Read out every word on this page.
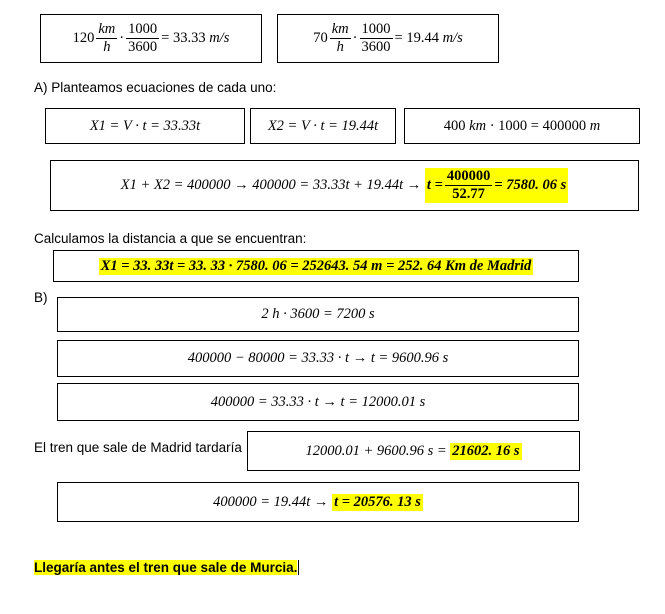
$120 \frac{km}{h} \cdot \frac{1000}{3600} = 33.33$ m/s	$70 \frac{km}{h} \cdot \frac{1000}{3600} = 19.44$ m/s
A) Planteamos ecuaciones de cada uno:
X1 = V · t = 33.33t	X2 = V · t = 19.44t	400 km · 1000 = 400000 m
$X1 + X2 = 400000 \to 400000 = 33.33t + 19.44t \to t = \frac{400000}{52.77} = 7580$. 06 s
Calculamos la distancia a que se encuentran:
X1 = 33. 33t = 33. 33 · 7580. 06 = 252643. 54 m = 252. 64 Km de Madrid
B)
2 h · 3600 = 7200 s
400000 − 80000 = 33.33 · t → t = 9600.96 s
400000 = 33.33 · t → t = 12000.01 s
El tren que sale de Madrid tardaría	12000.01 + 9600.96 s = 21602. 16 s
400000 = 19.44t → t = 20576. 13 s
Llegaría antes el tren que sale de Murcia.
